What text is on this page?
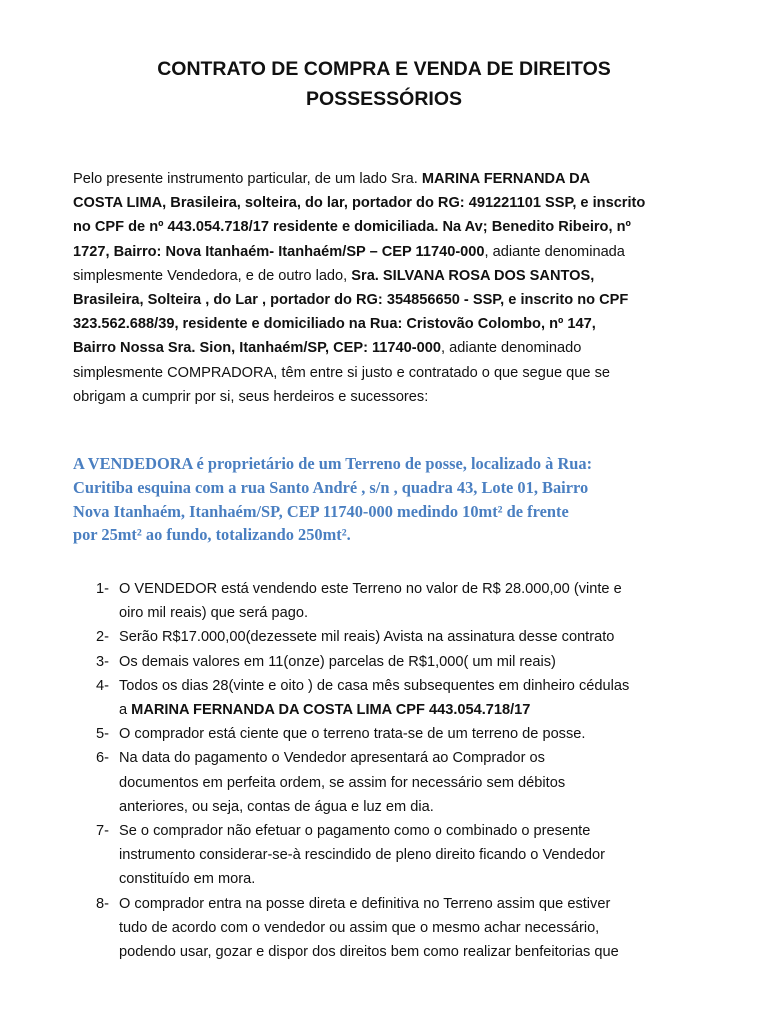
CONTRATO DE COMPRA E VENDA DE DIREITOS
POSSESSÓRIOS
Pelo presente instrumento particular, de um lado Sra. MARINA FERNANDA DA
COSTA LIMA, Brasileira, solteira, do lar, portador do RG: 491221101 SSP, e inscrito
no CPF de nº 443.054.718/17 residente e domiciliada. Na Av; Benedito Ribeiro, nº
1727, Bairro: Nova Itanhaém- Itanhaém/SP – CEP 11740-000, adiante denominada
simplesmente Vendedora, e de outro lado, Sra. SILVANA ROSA DOS SANTOS,
Brasileira, Solteira , do Lar , portador do RG: 354856650 - SSP, e inscrito no CPF
323.562.688/39, residente e domiciliado na Rua: Cristovão Colombo, nº 147,
Bairro Nossa Sra. Sion, Itanhaém/SP, CEP: 11740-000, adiante denominado
simplesmente COMPRADORA, têm entre si justo e contratado o que segue que se
obrigam a cumprir por si, seus herdeiros e sucessores:
A VENDEDORA é proprietário de um Terreno de posse, localizado à Rua:
Curitiba esquina com a rua Santo André , s/n , quadra 43, Lote 01, Bairro
Nova Itanhaém, Itanhaém/SP, CEP 11740-000 medindo 10mt² de frente
por 25mt² ao fundo, totalizando 250mt².
1- O VENDEDOR está vendendo este Terreno no valor de R$ 28.000,00 (vinte e
oiro mil reais) que será pago.
2- Serão R$17.000,00(dezessete mil reais) Avista na assinatura desse contrato
3- Os demais valores em 11(onze) parcelas de R$1,000( um mil reais)
4- Todos os dias 28(vinte e oito ) de casa mês subsequentes em dinheiro cédulas
a MARINA FERNANDA DA COSTA LIMA CPF 443.054.718/17
5- O comprador está ciente que o terreno trata-se de um terreno de posse.
6- Na data do pagamento o Vendedor apresentará ao Comprador os
documentos em perfeita ordem, se assim for necessário sem débitos
anteriores, ou seja, contas de água e luz em dia.
7- Se o comprador não efetuar o pagamento como o combinado o presente
instrumento considerar-se-à rescindido de pleno direito ficando o Vendedor
constituído em mora.
8- O comprador entra na posse direta e definitiva no Terreno assim que estiver
tudo de acordo com o vendedor ou assim que o mesmo achar necessário,
podendo usar, gozar e dispor dos direitos bem como realizar benfeitorias que
